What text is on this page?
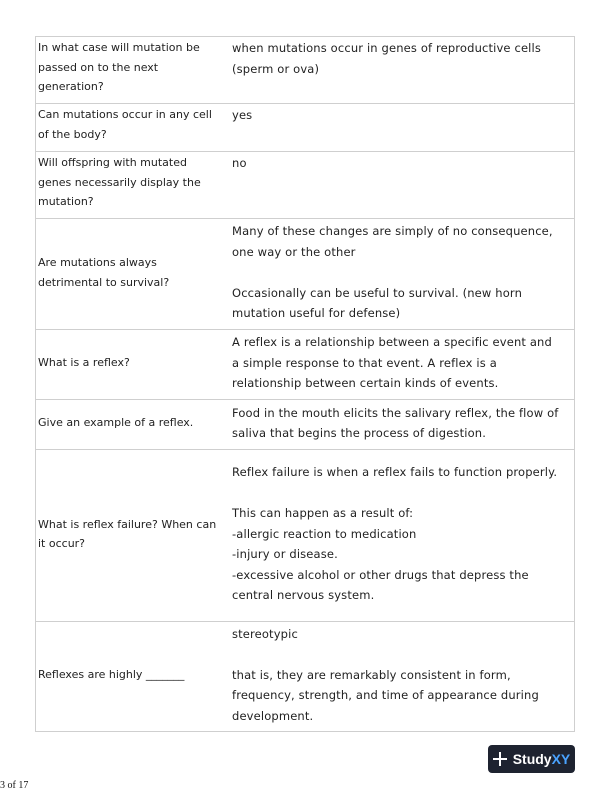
In what case will mutation be passed on to the next generation?	when mutations occur in genes of reproductive cells (sperm or ova)

Can mutations occur in any cell of the body?	yes

Will offspring with mutated genes necessarily display the mutation?	no

Are mutations always detrimental to survival?	Many of these changes are simply of no consequence, one way or the other
Occasionally can be useful to survival. (new horn mutation useful for defense)

What is a reflex?	A reflex is a relationship between a specific event and a simple response to that event. A reflex is a relationship between certain kinds of events.

Give an example of a reflex.	Food in the mouth elicits the salivary reflex, the flow of saliva that begins the process of digestion.

What is reflex failure? When can it occur?	Reflex failure is when a reflex fails to function properly.
This can happen as a result of:
-allergic reaction to medication
-injury or disease.
-excessive alcohol or other drugs that depress the central nervous system.

Reflexes are highly _______	stereotypic
that is, they are remarkably consistent in form, frequency, strength, and time of appearance during development.
Study XY
3 of 17
